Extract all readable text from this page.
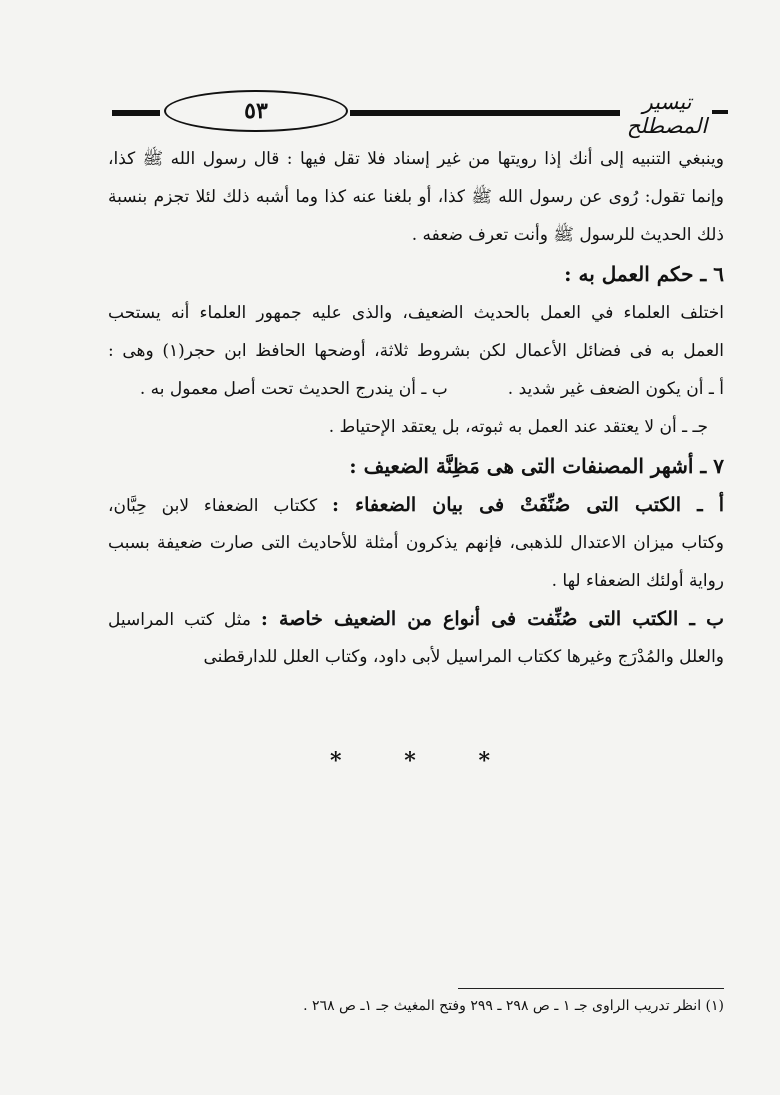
٥٣	تيسير المصطلح
وينبغي التنبيه إلى أنك إذا رويتها من غير إسناد فلا تقل فيها : قال رسول الله ﷺ كذا،
وإنما تقول: رُوى عن رسول الله ﷺ كذا، أو بلغنا عنه كذا وما أشبه ذلك لئلا تجزم بنسبة
ذلك الحديث للرسول ﷺ وأنت تعرف ضعفه .
٦ ـ حكم العمل به :
اختلف العلماء في العمل بالحديث الضعيف، والذى عليه جمهور العلماء أنه يستحب
العمل به فى فضائل الأعمال لكن بشروط ثلاثة، أوضحها الحافظ ابن حجر(١) وهى :
أ ـ أن يكون الضعف غير شديد .
ب ـ أن يندرج الحديث تحت أصل معمول به .
جـ ـ أن لا يعتقد عند العمل به ثبوته، بل يعتقد الإحتياط .
٧ ـ أشهر المصنفات التى هى مَظِنَّة الضعيف :
أ ـ الكتب التى صُنِّفَتْ فى بيان الضعفاء : ككتاب الضعفاء لابن حِبَّان،
وكتاب ميزان الاعتدال للذهبى، فإنهم يذكرون أمثلة للأحاديث التى صارت ضعيفة بسبب
رواية أولئك الضعفاء لها .
ب ـ الكتب التى صُنِّفت فى أنواع من الضعيف خاصة : مثل كتب المراسيل
والعلل والمُدْرَج وغيرها ككتاب المراسيل لأبى داود، وكتاب العلل للدارقطنى
*	*	*
(١) انظر تدريب الراوى جـ ١ ـ ص ٢٩٨ ـ ٢٩٩ وفتح المغيث جـ ١ـ ص ٢٦٨ .
